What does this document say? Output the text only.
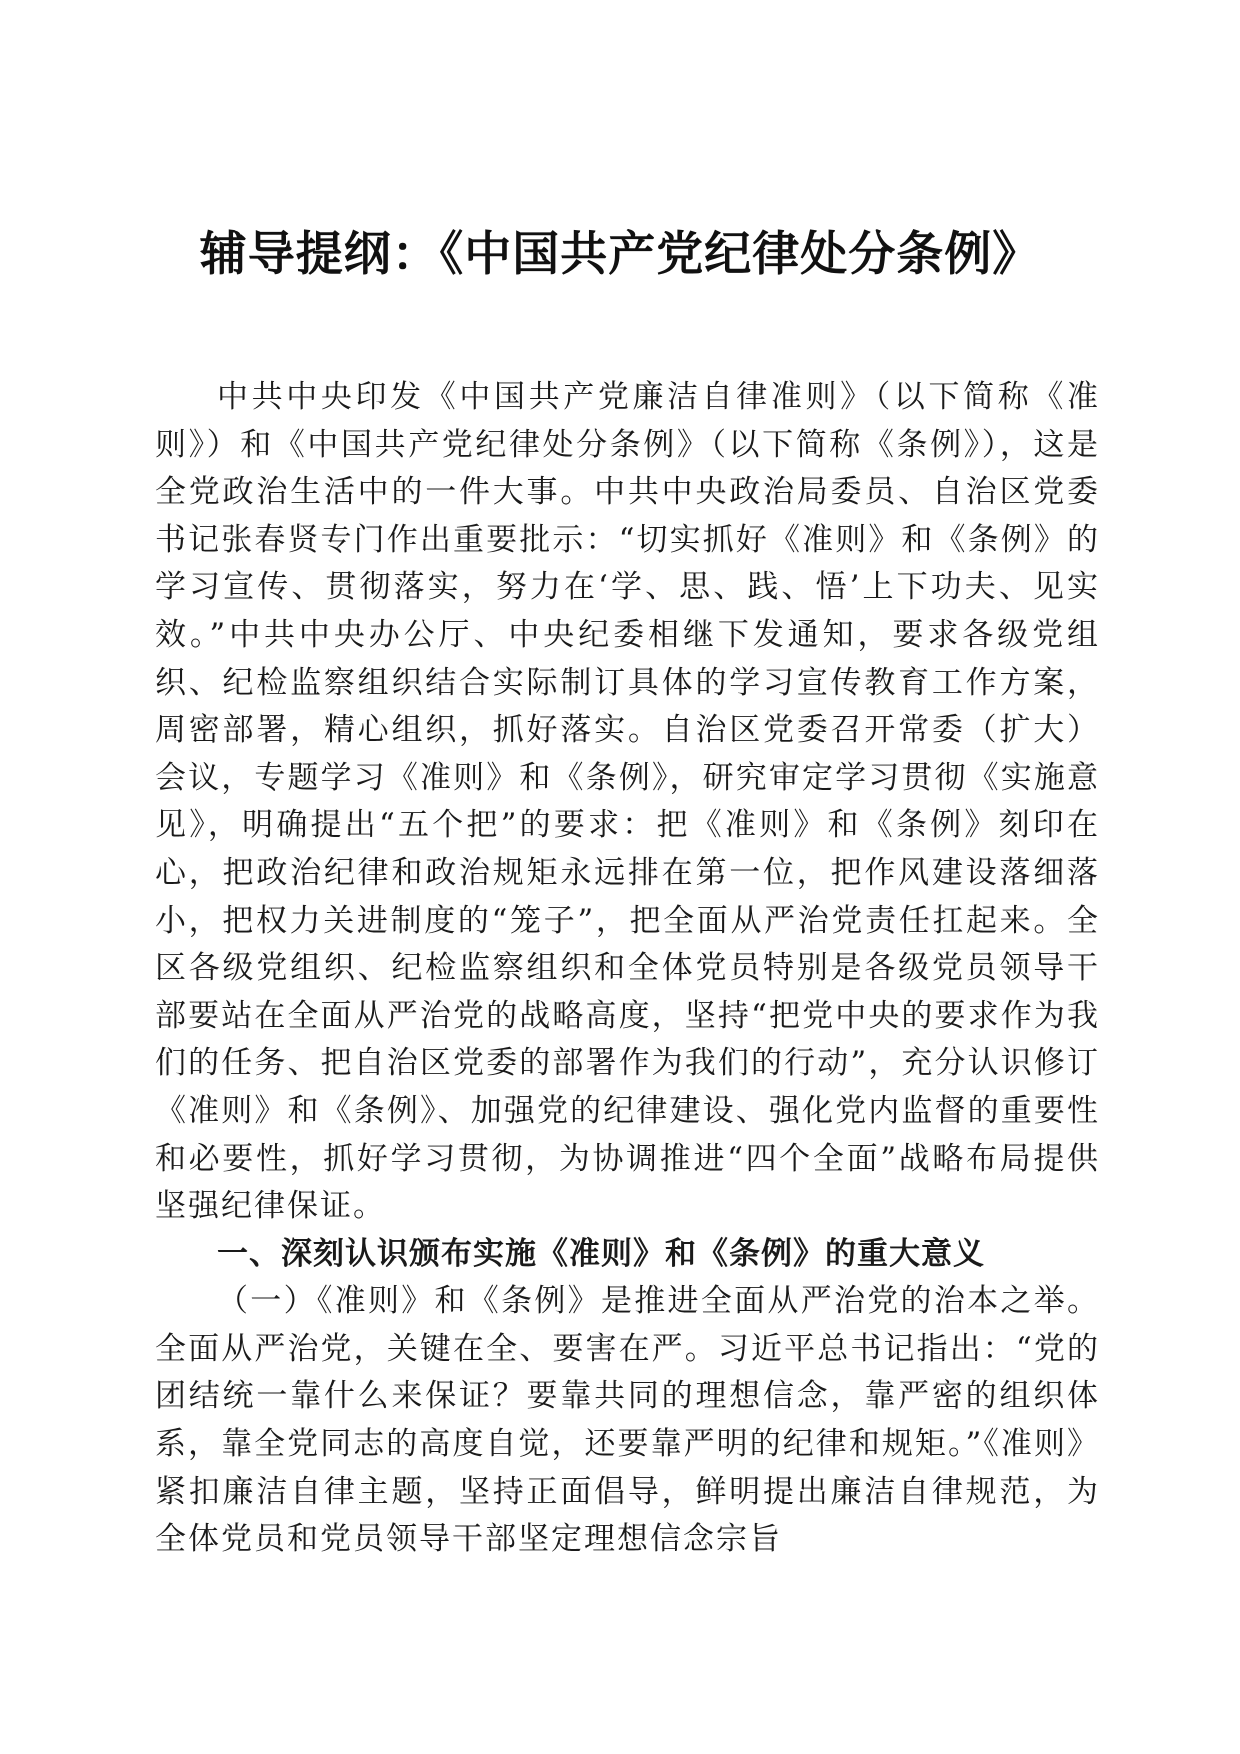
辅导提纲：《中国共产党纪律处分条例》

中共中央印发《中国共产党廉洁自律准则》（以下简称《准则》）和《中国共产党纪律处分条例》（以下简称《条例》），这是全党政治生活中的一件大事。中共中央政治局委员、自治区党委书记张春贤专门作出重要批示：“切实抓好《准则》和《条例》的学习宣传、贯彻落实，努力在‘学、思、践、悟’上下功夫、见实效。”中共中央办公厅、中央纪委相继下发通知，要求各级党组织、纪检监察组织结合实际制订具体的学习宣传教育工作方案，周密部署，精心组织，抓好落实。自治区党委召开常委（扩大）会议，专题学习《准则》和《条例》，研究审定学习贯彻《实施意见》，明确提出“五个把”的要求：把《准则》和《条例》刻印在心，把政治纪律和政治规矩永远排在第一位，把作风建设落细落小，把权力关进制度的“笼子”，把全面从严治党责任扛起来。全区各级党组织、纪检监察组织和全体党员特别是各级党员领导干部要站在全面从严治党的战略高度，坚持“把党中央的要求作为我们的任务、把自治区党委的部署作为我们的行动”，充分认识修订《准则》和《条例》、加强党的纪律建设、强化党内监督的重要性和必要性，抓好学习贯彻，为协调推进“四个全面”战略布局提供坚强纪律保证。

一、深刻认识颁布实施《准则》和《条例》的重大意义

（一）《准则》和《条例》是推进全面从严治党的治本之举。全面从严治党，关键在全、要害在严。习近平总书记指出：“党的团结统一靠什么来保证？要靠共同的理想信念，靠严密的组织体系，靠全党同志的高度自觉，还要靠严明的纪律和规矩。”《准则》紧扣廉洁自律主题，坚持正面倡导，鲜明提出廉洁自律规范，为全体党员和党员领导干部坚定理想信念宗旨
